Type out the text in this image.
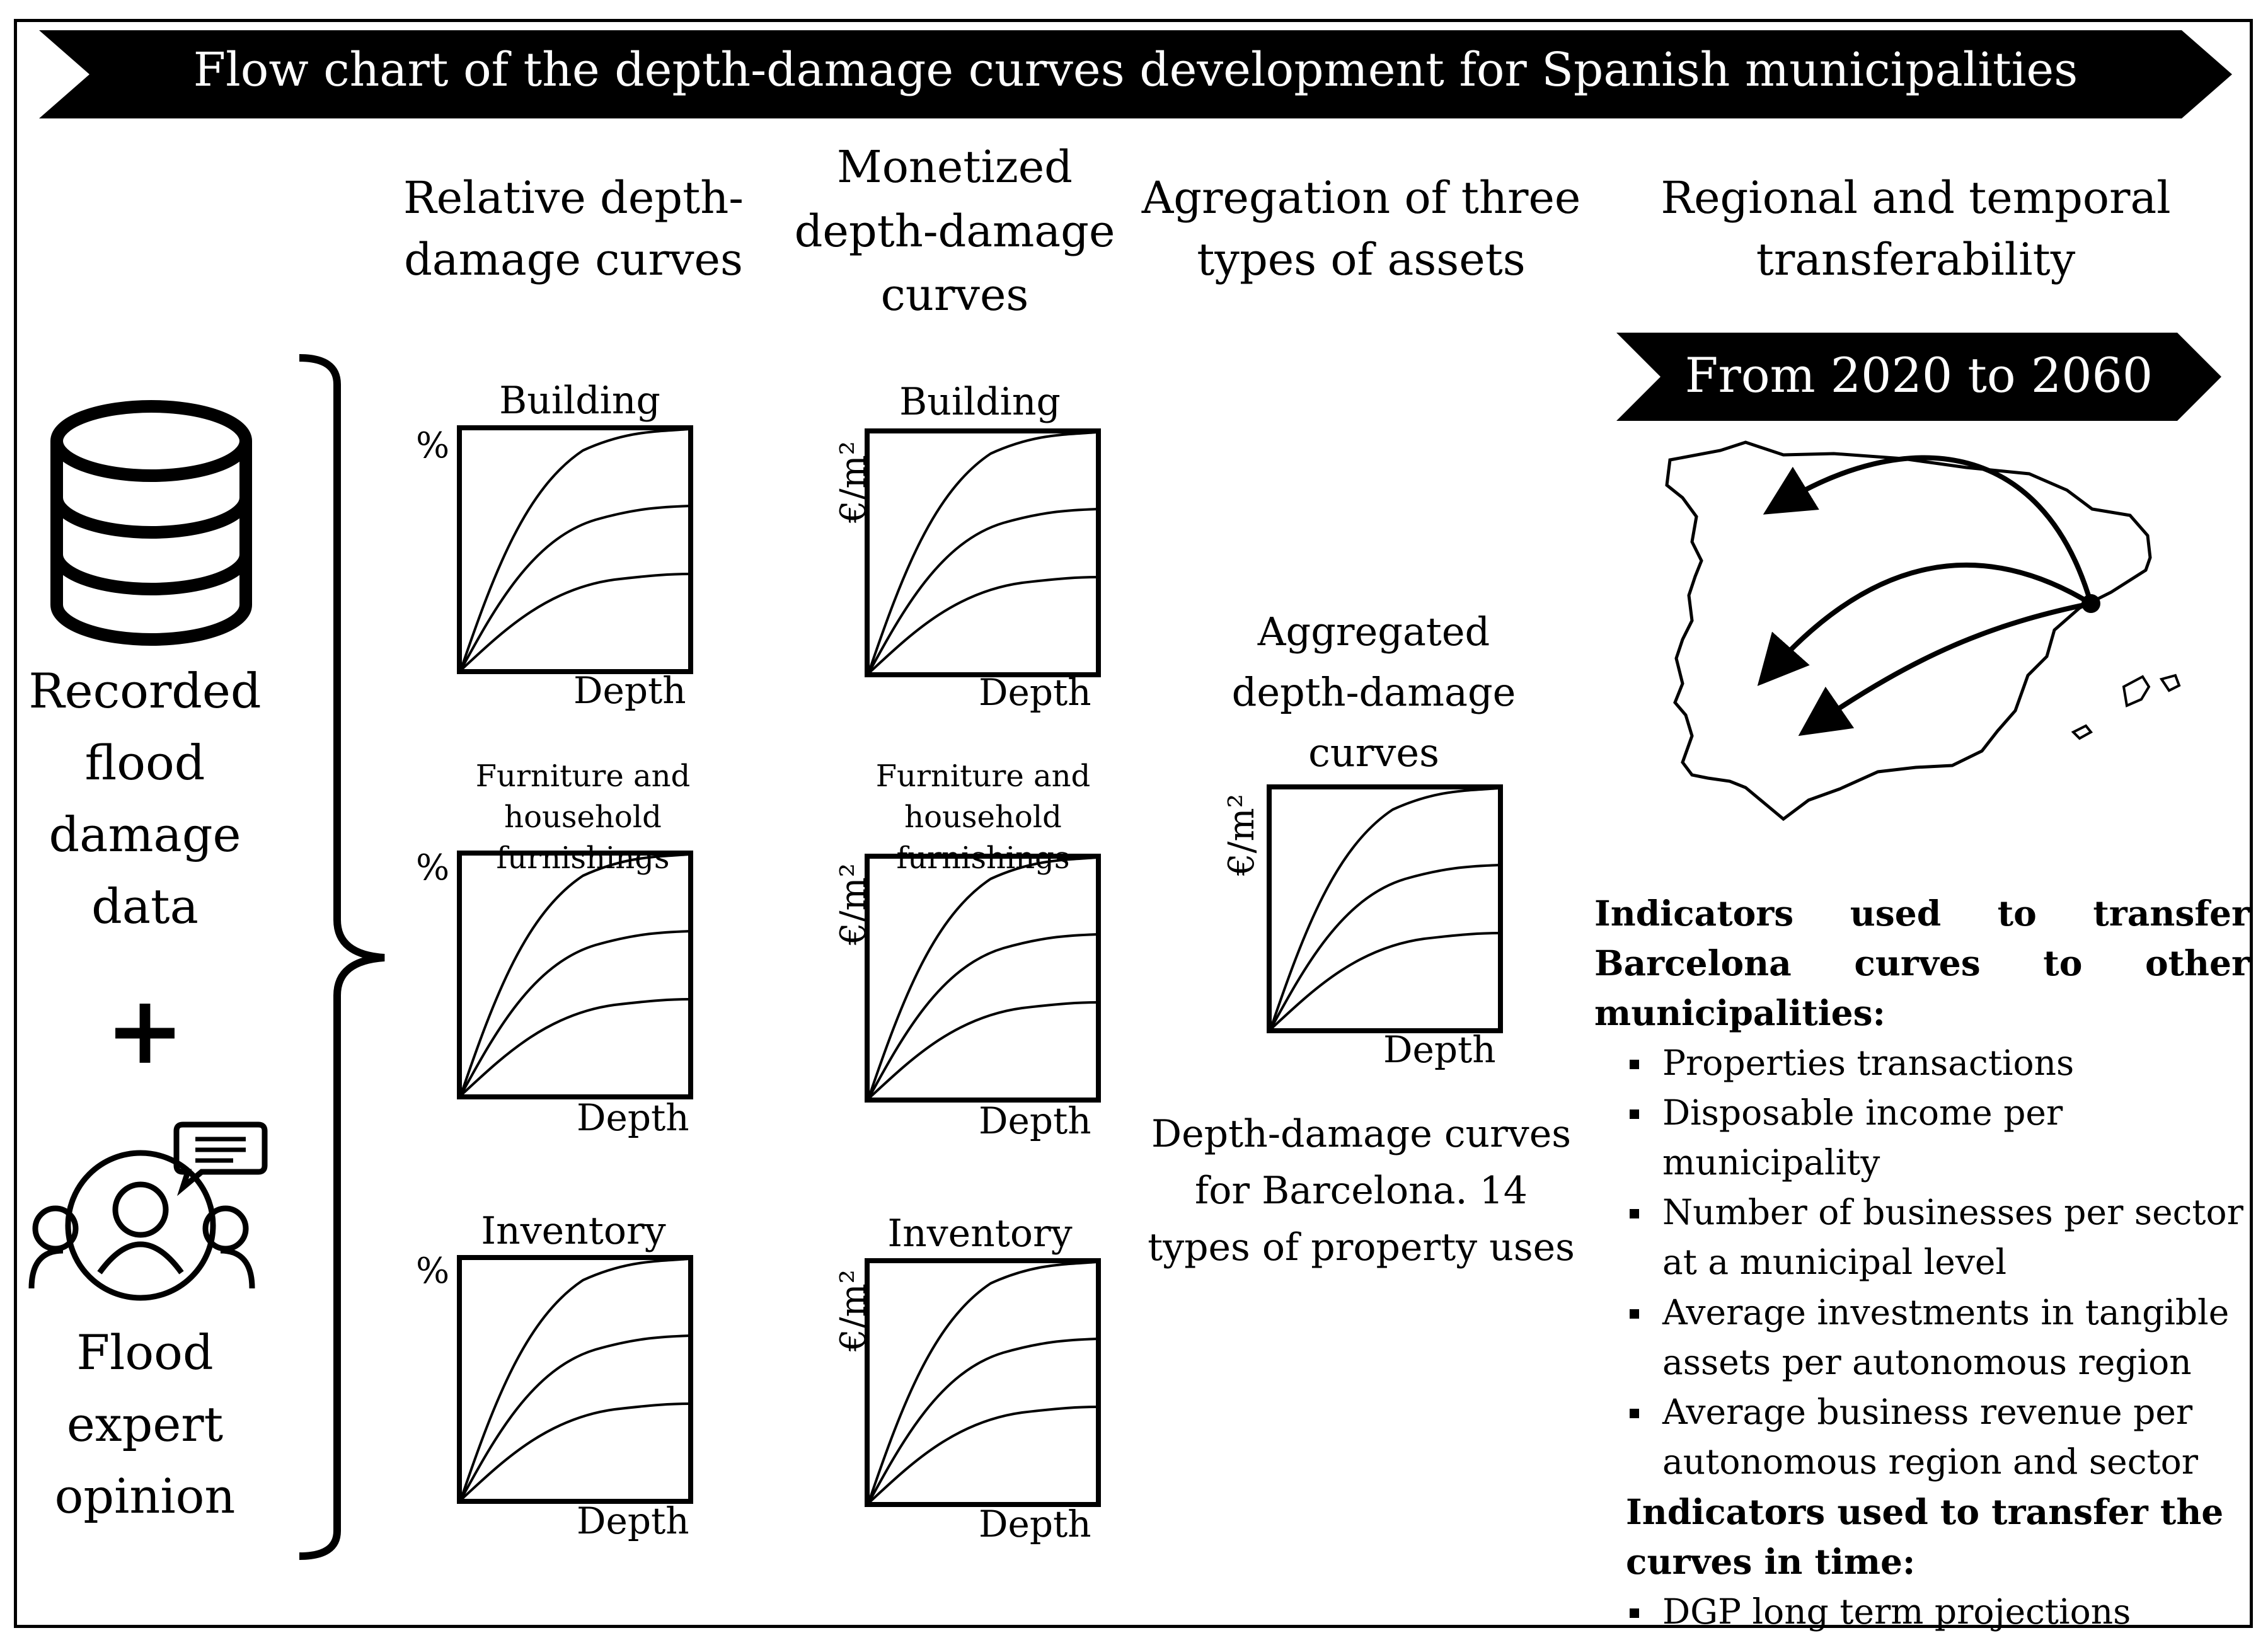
Flow chart of the depth-damage curves development for Spanish municipalities
Recorded flood damage data
+
Flood expert opinion
Relative depth-damage curves
Monetized depth-damage curves
Agregation of three types of assets
Regional and temporal transferability
Building
%
Depth
Furniture and household furnishings
%
Depth
Inventory
%
Depth
Building
€/m²
Depth
Furniture and household furnishings
€/m²
Depth
Inventory
€/m²
Depth
Aggregated depth-damage curves
€/m²
Depth
Depth-damage curves for Barcelona. 14 types of property uses
From 2020 to 2060
Indicators used to transfer Barcelona curves to other municipalities:
Properties transactions
Disposable income per municipality
Number of businesses per sector at a municipal level
Average investments in tangible assets per autonomous region
Average business revenue per autonomous region and sector
Indicators used to transfer the curves in time:
DGP long term projections
